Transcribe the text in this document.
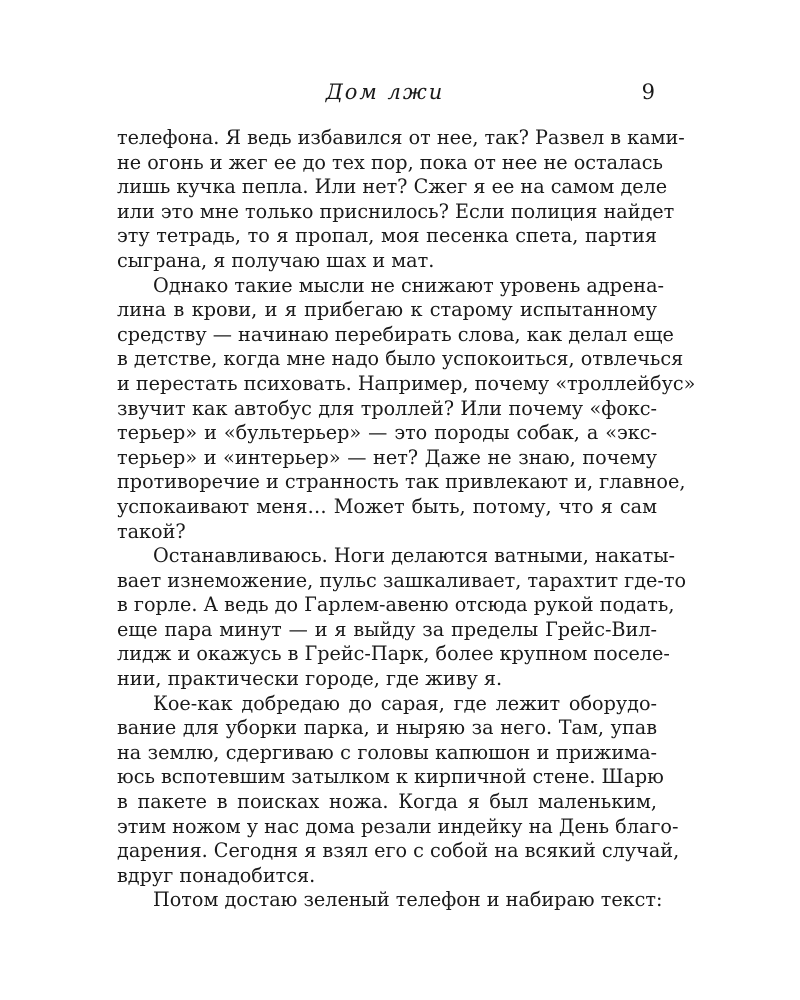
Дом лжи	9
телефона. Я ведь избавился от нее, так? Развел в ками-
не огонь и жег ее до тех пор, пока от нее не осталась
лишь кучка пепла. Или нет? Сжег я ее на самом деле
или это мне только приснилось? Если полиция найдет
эту тетрадь, то я пропал, моя песенка спета, партия
сыграна, я получаю шах и мат.
Однако такие мысли не снижают уровень адрена-
лина в крови, и я прибегаю к старому испытанному
средству — начинаю перебирать слова, как делал еще
в детстве, когда мне надо было успокоиться, отвлечься
и перестать психовать. Например, почему «троллейбус»
звучит как автобус для троллей? Или почему «фокс-
терьер» и «бультерьер» — это породы собак, а «экс-
терьер» и «интерьер» — нет? Даже не знаю, почему
противоречие и странность так привлекают и, главное,
успокаивают меня… Может быть, потому, что я сам
такой?
Останавливаюсь. Ноги делаются ватными, накаты-
вает изнеможение, пульс зашкаливает, тарахтит где-то
в горле. А ведь до Гарлем-авеню отсюда рукой подать,
еще пара минут — и я выйду за пределы Грейс-Вил-
лидж и окажусь в Грейс-Парк, более крупном поселе-
нии, практически городе, где живу я.
Кое-как добредаю до сарая, где лежит оборудо-
вание для уборки парка, и ныряю за него. Там, упав
на землю, сдергиваю с головы капюшон и прижима-
юсь вспотевшим затылком к кирпичной стене. Шарю
в пакете в поисках ножа. Когда я был маленьким,
этим ножом у нас дома резали индейку на День благо-
дарения. Сегодня я взял его с собой на всякий случай,
вдруг понадобится.
Потом достаю зеленый телефон и набираю текст:
